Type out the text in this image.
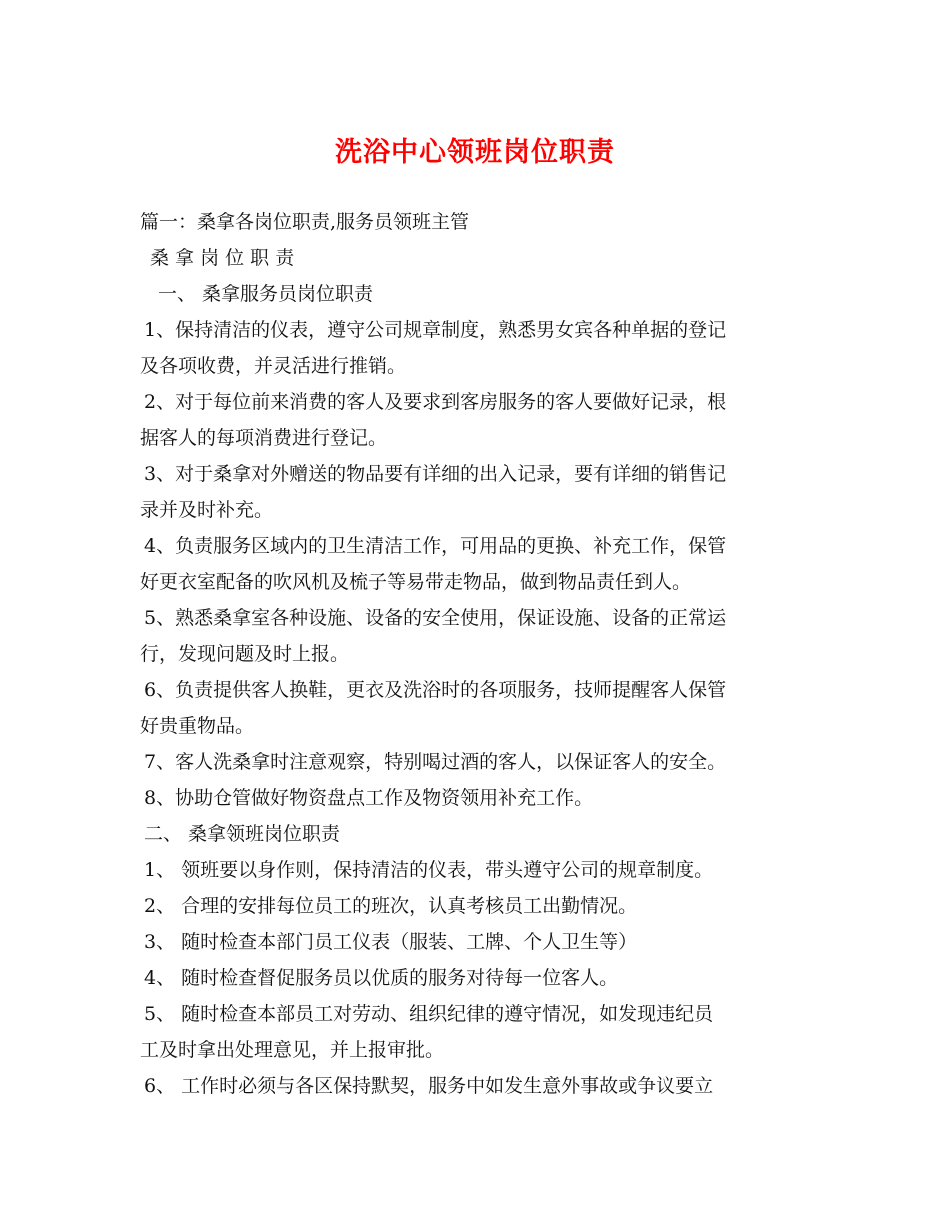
洗浴中心领班岗位职责
篇一：桑拿各岗位职责,服务员领班主管
桑 拿 岗 位 职 责
一、 桑拿服务员岗位职责
1、保持清洁的仪表，遵守公司规章制度，熟悉男女宾各种单据的登记
及各项收费，并灵活进行推销。
2、对于每位前来消费的客人及要求到客房服务的客人要做好记录，根
据客人的每项消费进行登记。
3、对于桑拿对外赠送的物品要有详细的出入记录，要有详细的销售记
录并及时补充。
4、负责服务区域内的卫生清洁工作，可用品的更换、补充工作，保管
好更衣室配备的吹风机及梳子等易带走物品，做到物品责任到人。
5、熟悉桑拿室各种设施、设备的安全使用，保证设施、设备的正常运
行，发现问题及时上报。
6、负责提供客人换鞋，更衣及洗浴时的各项服务，技师提醒客人保管
好贵重物品。
7、客人洗桑拿时注意观察，特别喝过酒的客人，以保证客人的安全。
8、协助仓管做好物资盘点工作及物资领用补充工作。
二、 桑拿领班岗位职责
1、 领班要以身作则，保持清洁的仪表，带头遵守公司的规章制度。
2、 合理的安排每位员工的班次，认真考核员工出勤情况。
3、 随时检查本部门员工仪表（服装、工牌、个人卫生等）
4、 随时检查督促服务员以优质的服务对待每一位客人。
5、 随时检查本部员工对劳动、组织纪律的遵守情况，如发现违纪员
工及时拿出处理意见，并上报审批。
6、 工作时必须与各区保持默契，服务中如发生意外事故或争议要立
